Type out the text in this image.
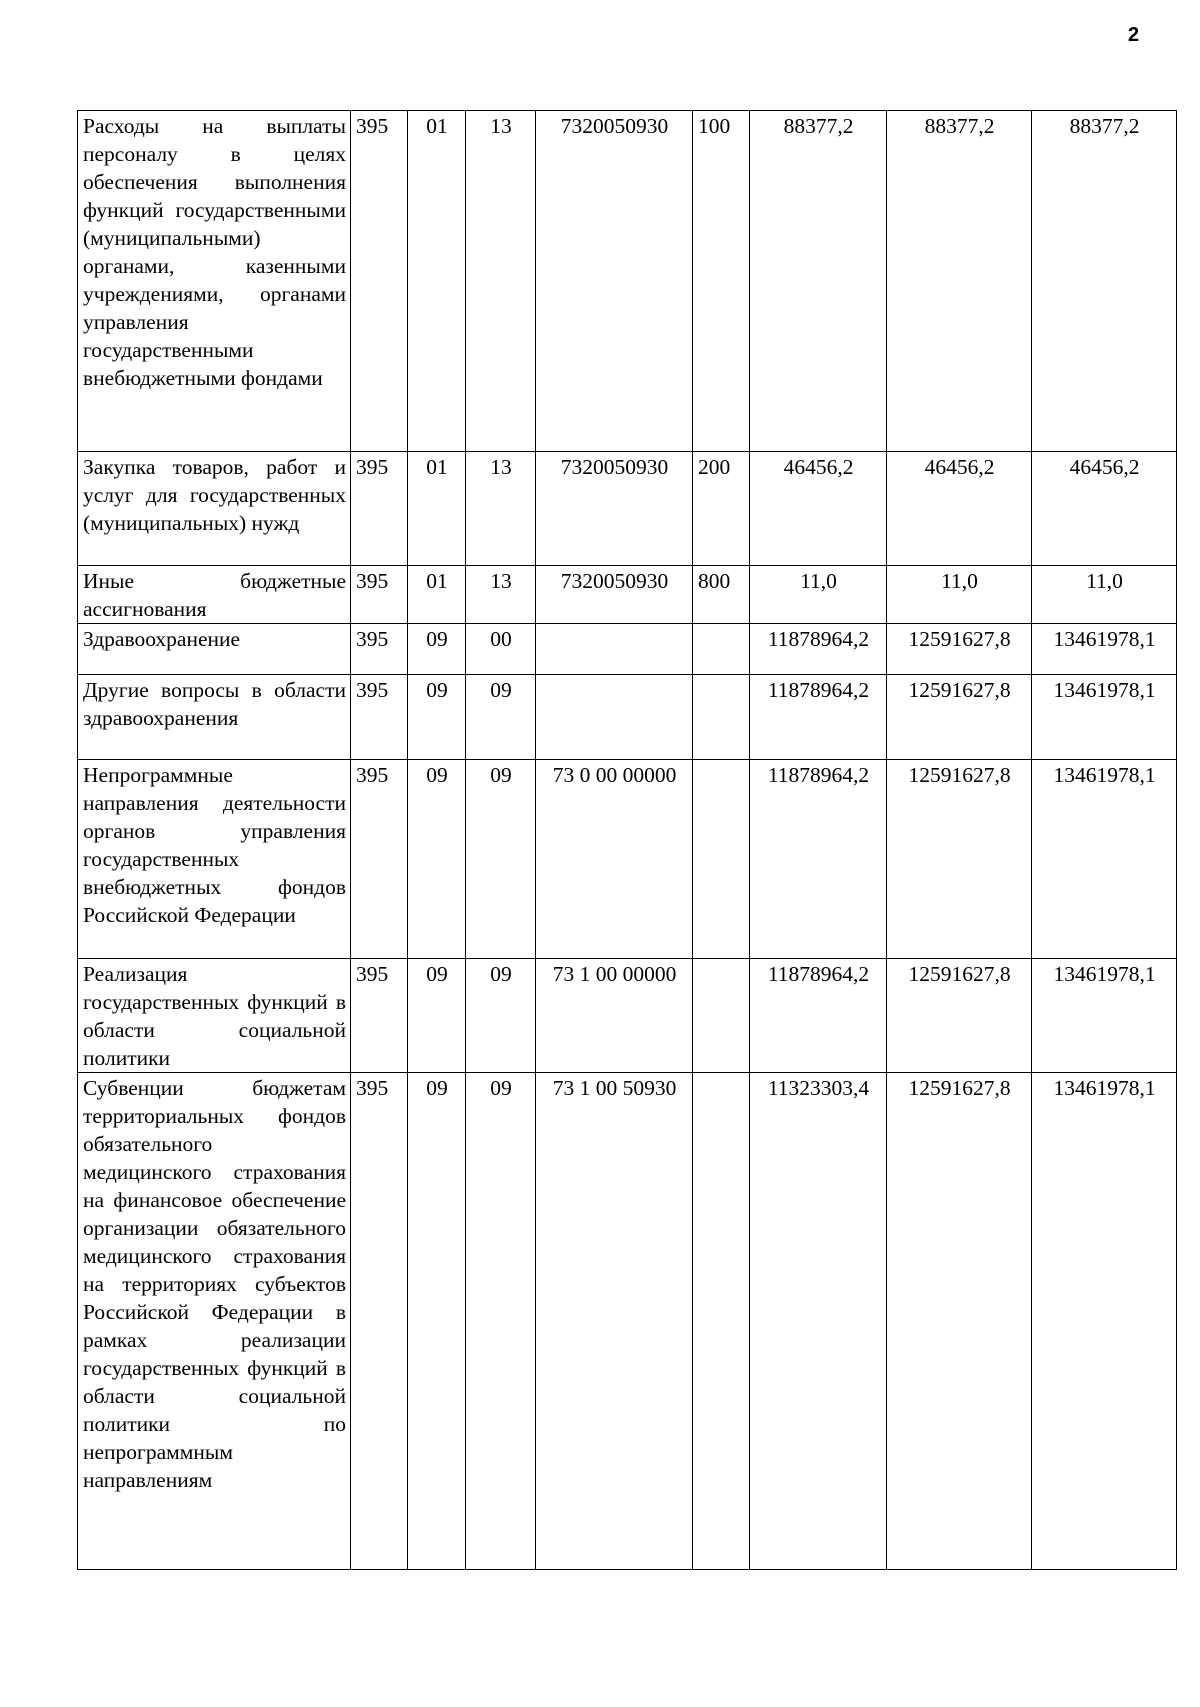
2
Расходы на выплаты персоналу в целях обеспечения выполнения функций государственными (муниципальными) органами, казенными учреждениями, органами управления государственными внебюджетными фондами	395	01	13	7320050930	100	88377,2	88377,2	88377,2
Закупка товаров, работ и услуг для государственных (муниципальных) нужд	395	01	13	7320050930	200	46456,2	46456,2	46456,2
Иные бюджетные ассигнования	395	01	13	7320050930	800	11,0	11,0	11,0
Здравоохранение	395	09	00			11878964,2	12591627,8	13461978,1
Другие вопросы в области здравоохранения	395	09	09			11878964,2	12591627,8	13461978,1
Непрограммные направления деятельности органов управления государственных внебюджетных фондов Российской Федерации	395	09	09	73 0 00 00000		11878964,2	12591627,8	13461978,1
Реализация государственных функций в области социальной политики	395	09	09	73 1 00 00000		11878964,2	12591627,8	13461978,1
Субвенции бюджетам территориальных фондов обязательного медицинского страхования на финансовое обеспечение организации обязательного медицинского страхования на территориях субъектов Российской Федерации в рамках реализации государственных функций в области социальной политики по непрограммным направлениям	395	09	09	73 1 00 50930		11323303,4	12591627,8	13461978,1
